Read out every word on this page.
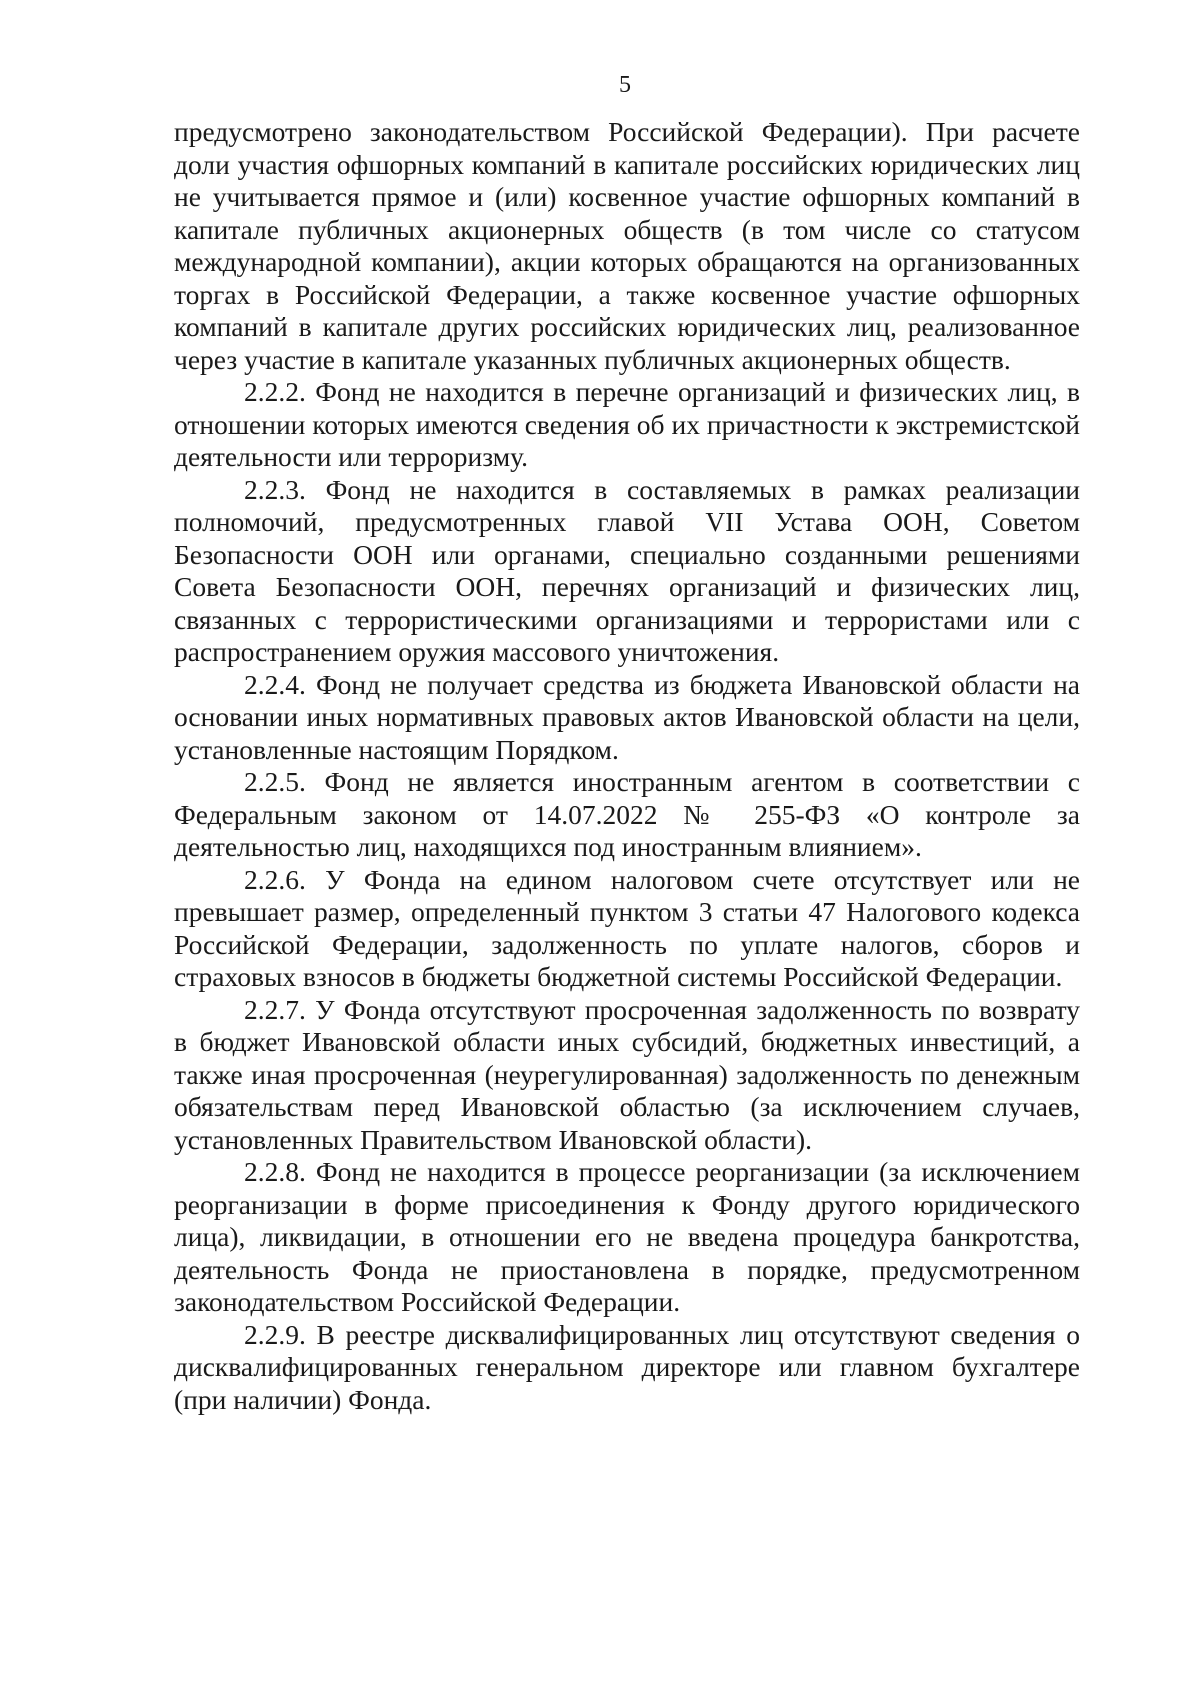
5

предусмотрено законодательством Российской Федерации). При расчете доли участия офшорных компаний в капитале российских юридических лиц не учитывается прямое и (или) косвенное участие офшорных компаний в капитале публичных акционерных обществ (в том числе со статусом международной компании), акции которых обращаются на организованных торгах в Российской Федерации, а также косвенное участие офшорных компаний в капитале других российских юридических лиц, реализованное через участие в капитале указанных публичных акционерных обществ.

2.2.2. Фонд не находится в перечне организаций и физических лиц, в отношении которых имеются сведения об их причастности к экстремистской деятельности или терроризму.

2.2.3. Фонд не находится в составляемых в рамках реализации полномочий, предусмотренных главой VII Устава ООН, Советом Безопасности ООН или органами, специально созданными решениями Совета Безопасности ООН, перечнях организаций и физических лиц, связанных с террористическими организациями и террористами или с распространением оружия массового уничтожения.

2.2.4. Фонд не получает средства из бюджета Ивановской области на основании иных нормативных правовых актов Ивановской области на цели, установленные настоящим Порядком.

2.2.5. Фонд не является иностранным агентом в соответствии с Федеральным законом от 14.07.2022 № 255-ФЗ «О контроле за деятельностью лиц, находящихся под иностранным влиянием».

2.2.6. У Фонда на едином налоговом счете отсутствует или не превышает размер, определенный пунктом 3 статьи 47 Налогового кодекса Российской Федерации, задолженность по уплате налогов, сборов и страховых взносов в бюджеты бюджетной системы Российской Федерации.

2.2.7. У Фонда отсутствуют просроченная задолженность по возврату в бюджет Ивановской области иных субсидий, бюджетных инвестиций, а также иная просроченная (неурегулированная) задолженность по денежным обязательствам перед Ивановской областью (за исключением случаев, установленных Правительством Ивановской области).

2.2.8. Фонд не находится в процессе реорганизации (за исключением реорганизации в форме присоединения к Фонду другого юридического лица), ликвидации, в отношении его не введена процедура банкротства, деятельность Фонда не приостановлена в порядке, предусмотренном законодательством Российской Федерации.

2.2.9. В реестре дисквалифицированных лиц отсутствуют сведения о дисквалифицированных генеральном директоре или главном бухгалтере (при наличии) Фонда.
